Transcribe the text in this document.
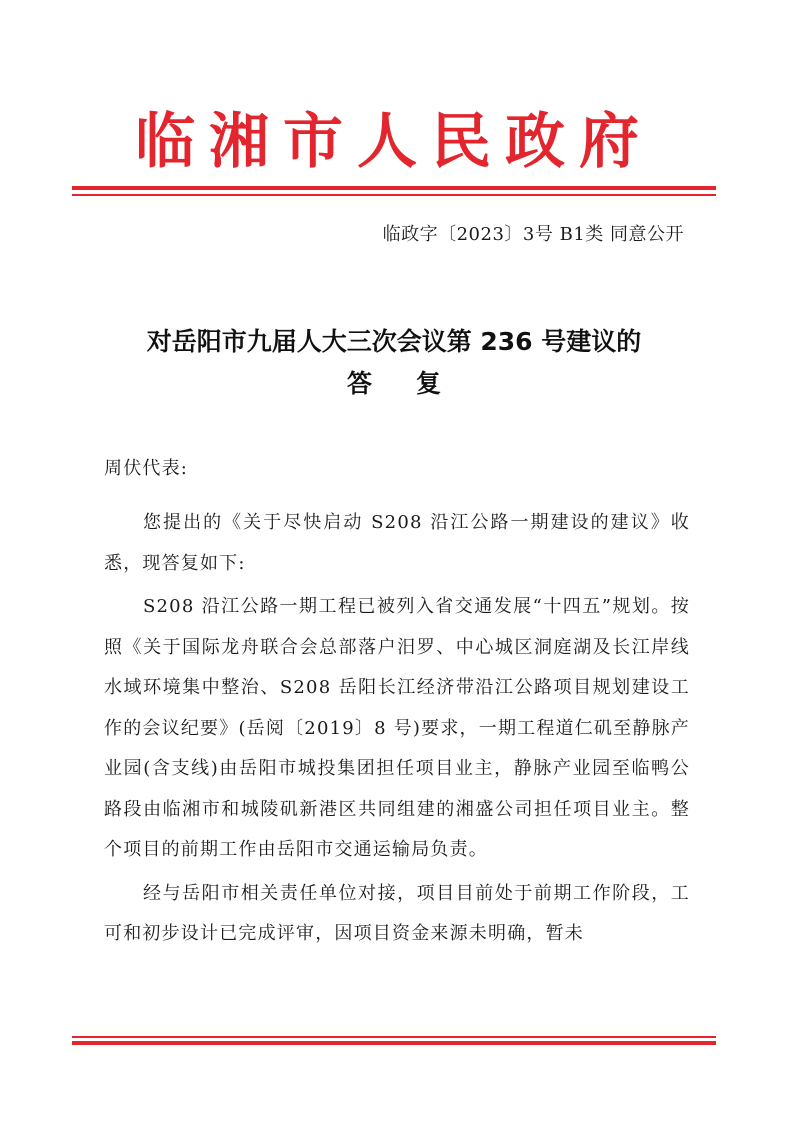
临湘市人民政府
临政字〔2023〕3号 B1类 同意公开
对岳阳市九届人大三次会议第 236 号建议的
答复
周伏代表:

您提出的《关于尽快启动 S208 沿江公路一期建设的建议》收悉，现答复如下:

S208 沿江公路一期工程已被列入省交通发展“十四五”规划。按照《关于国际龙舟联合会总部落户汨罗、中心城区洞庭湖及长江岸线水域环境集中整治、S208 岳阳长江经济带沿江公路项目规划建设工作的会议纪要》(岳阅〔2019〕8 号)要求，一期工程道仁矶至静脉产业园(含支线)由岳阳市城投集团担任项目业主，静脉产业园至临鸭公路段由临湘市和城陵矶新港区共同组建的湘盛公司担任项目业主。整个项目的前期工作由岳阳市交通运输局负责。

经与岳阳市相关责任单位对接，项目目前处于前期工作阶段，工可和初步设计已完成评审，因项目资金来源未明确，暂未
